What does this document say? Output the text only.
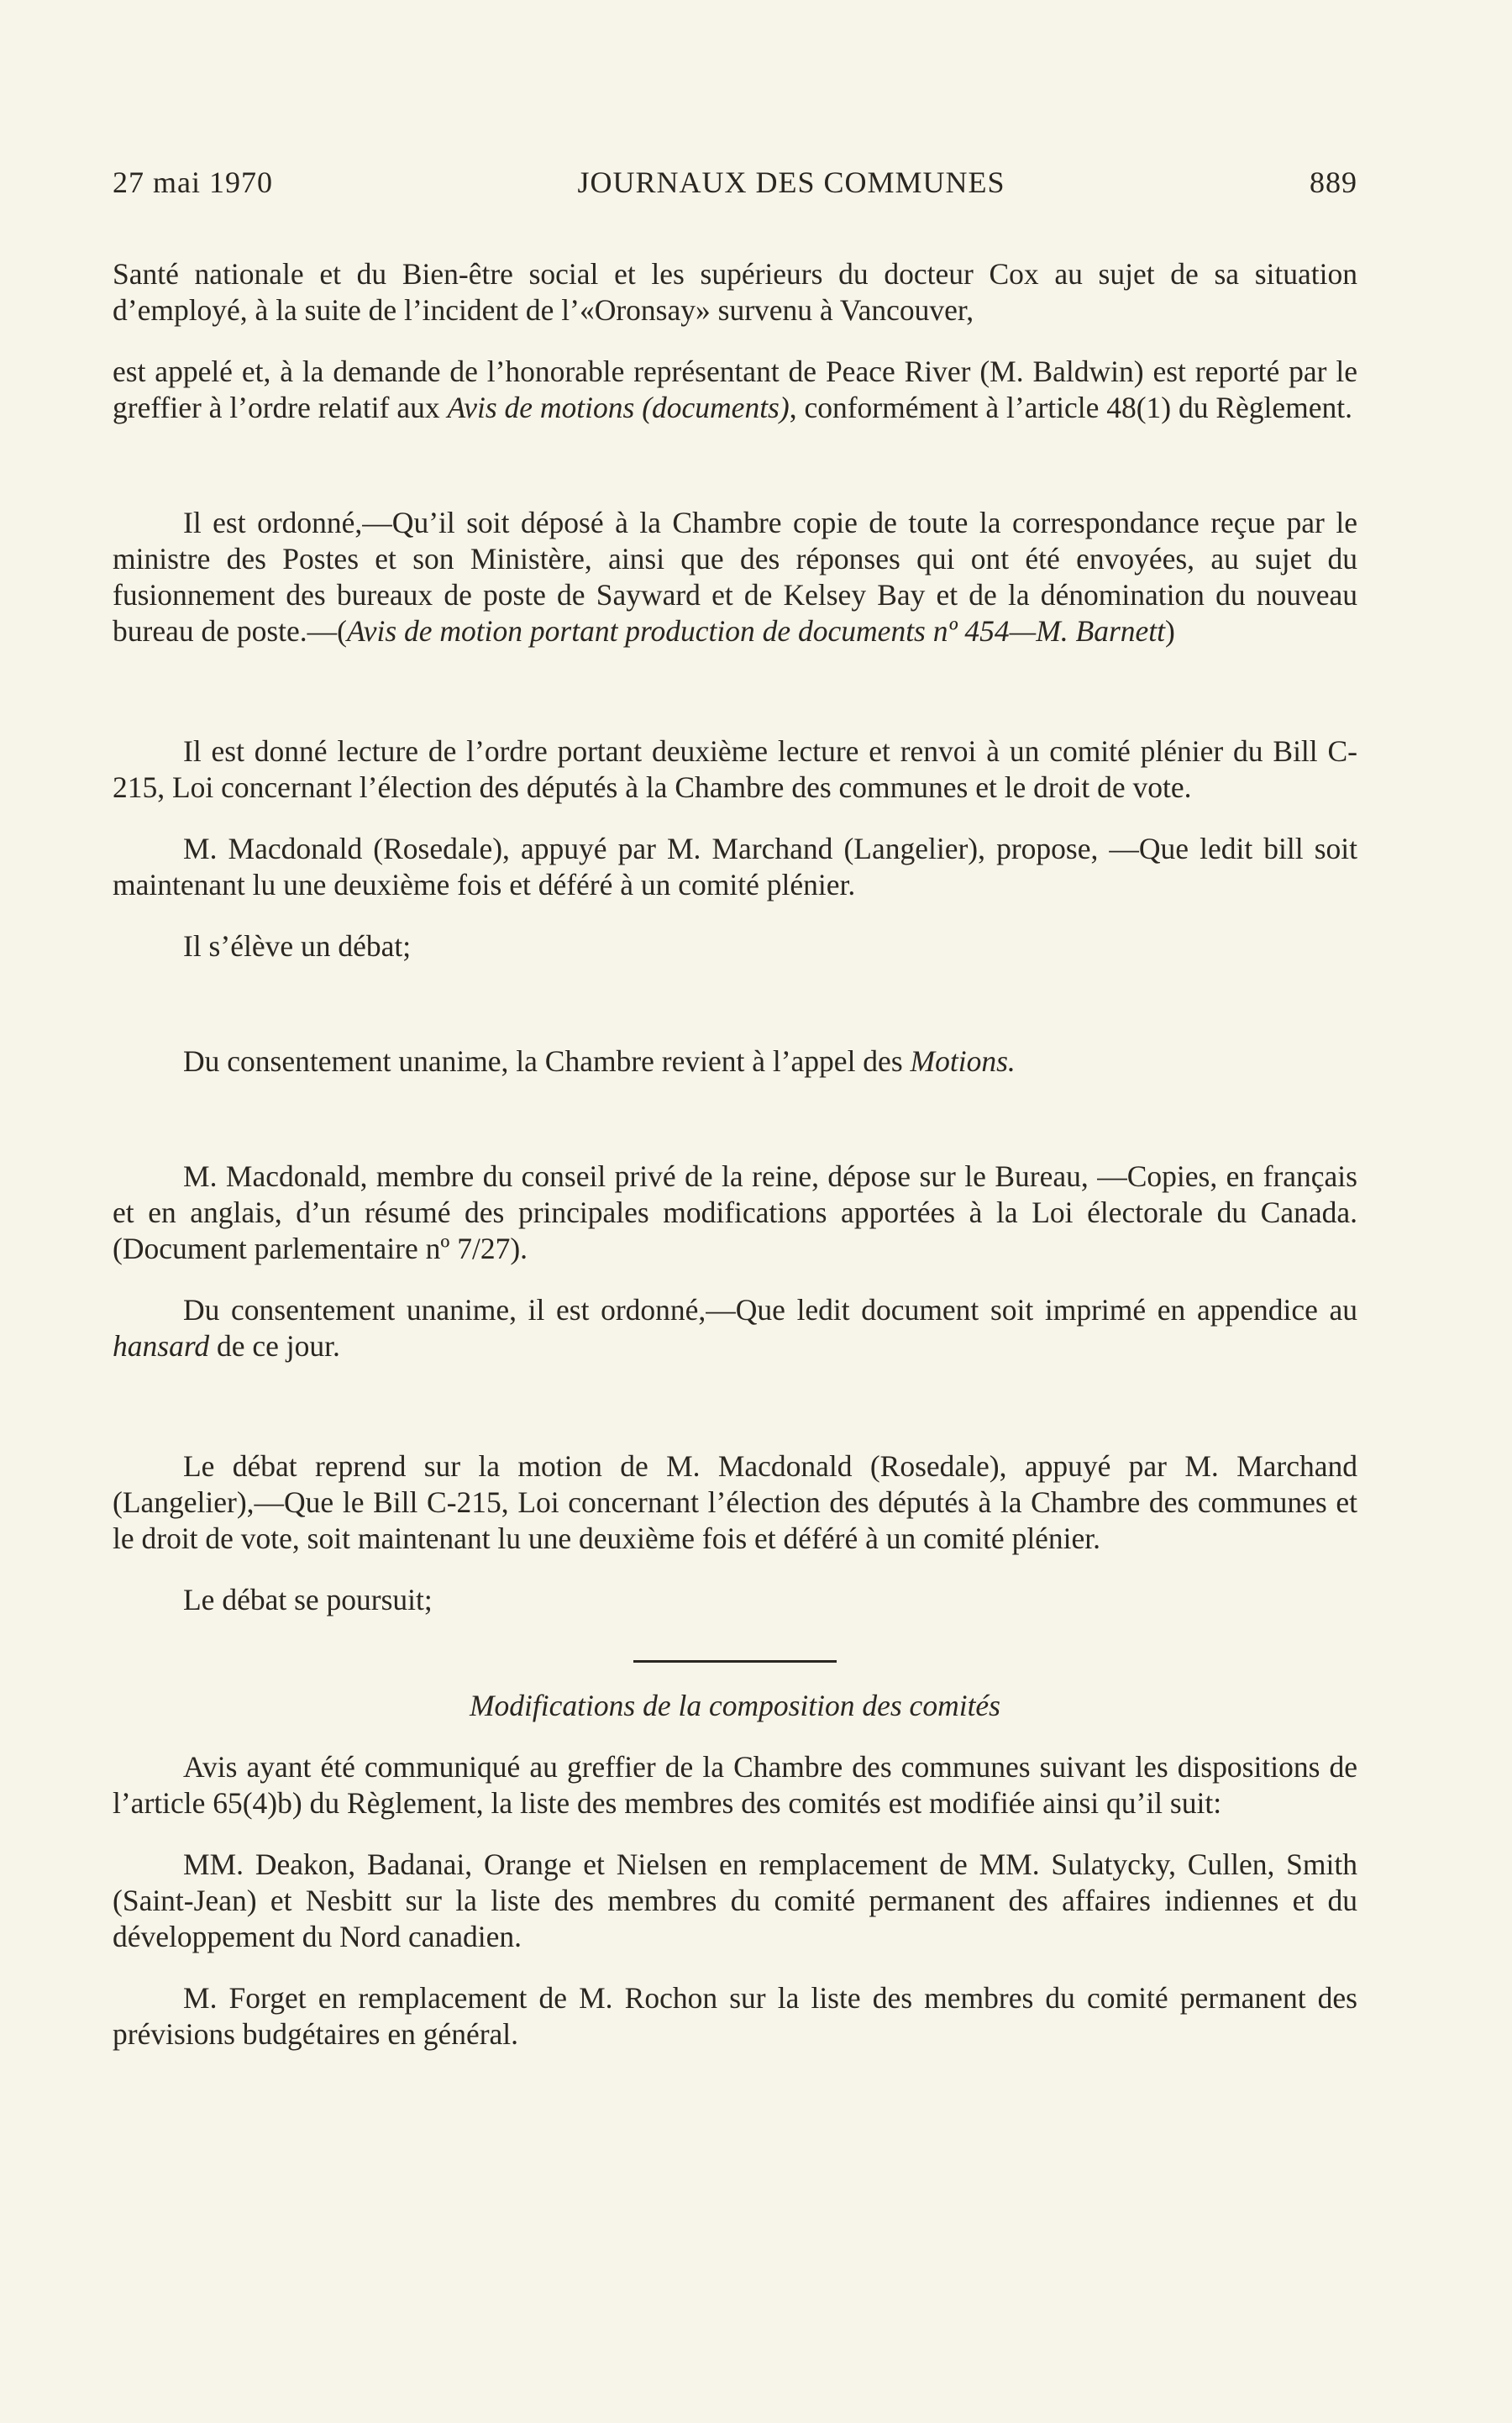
27 mai 1970	JOURNAUX DES COMMUNES	889

Santé nationale et du Bien-être social et les supérieurs du docteur Cox au sujet de sa situation d’employé, à la suite de l’incident de l’«Oronsay» survenu à Vancouver,

est appelé et, à la demande de l’honorable représentant de Peace River (M. Baldwin) est reporté par le greffier à l’ordre relatif aux Avis de motions (documents), conformément à l’article 48(1) du Règlement.

Il est ordonné,—Qu’il soit déposé à la Chambre copie de toute la correspondance reçue par le ministre des Postes et son Ministère, ainsi que des réponses qui ont été envoyées, au sujet du fusionnement des bureaux de poste de Sayward et de Kelsey Bay et de la dénomination du nouveau bureau de poste.—(Avis de motion portant production de documents nº 454—M. Barnett)

Il est donné lecture de l’ordre portant deuxième lecture et renvoi à un comité plénier du Bill C-215, Loi concernant l’élection des députés à la Chambre des communes et le droit de vote.

M. Macdonald (Rosedale), appuyé par M. Marchand (Langelier), propose, —Que ledit bill soit maintenant lu une deuxième fois et déféré à un comité plénier.

Il s’élève un débat;

Du consentement unanime, la Chambre revient à l’appel des Motions.

M. Macdonald, membre du conseil privé de la reine, dépose sur le Bureau, —Copies, en français et en anglais, d’un résumé des principales modifications apportées à la Loi électorale du Canada. (Document parlementaire nº 7/27).

Du consentement unanime, il est ordonné,—Que ledit document soit imprimé en appendice au hansard de ce jour.

Le débat reprend sur la motion de M. Macdonald (Rosedale), appuyé par M. Marchand (Langelier),—Que le Bill C-215, Loi concernant l’élection des députés à la Chambre des communes et le droit de vote, soit maintenant lu une deuxième fois et déféré à un comité plénier.

Le débat se poursuit;

Modifications de la composition des comités

Avis ayant été communiqué au greffier de la Chambre des communes suivant les dispositions de l’article 65(4)b) du Règlement, la liste des membres des comités est modifiée ainsi qu’il suit:

MM. Deakon, Badanai, Orange et Nielsen en remplacement de MM. Sulatycky, Cullen, Smith (Saint-Jean) et Nesbitt sur la liste des membres du comité permanent des affaires indiennes et du développement du Nord canadien.

M. Forget en remplacement de M. Rochon sur la liste des membres du comité permanent des prévisions budgétaires en général.
